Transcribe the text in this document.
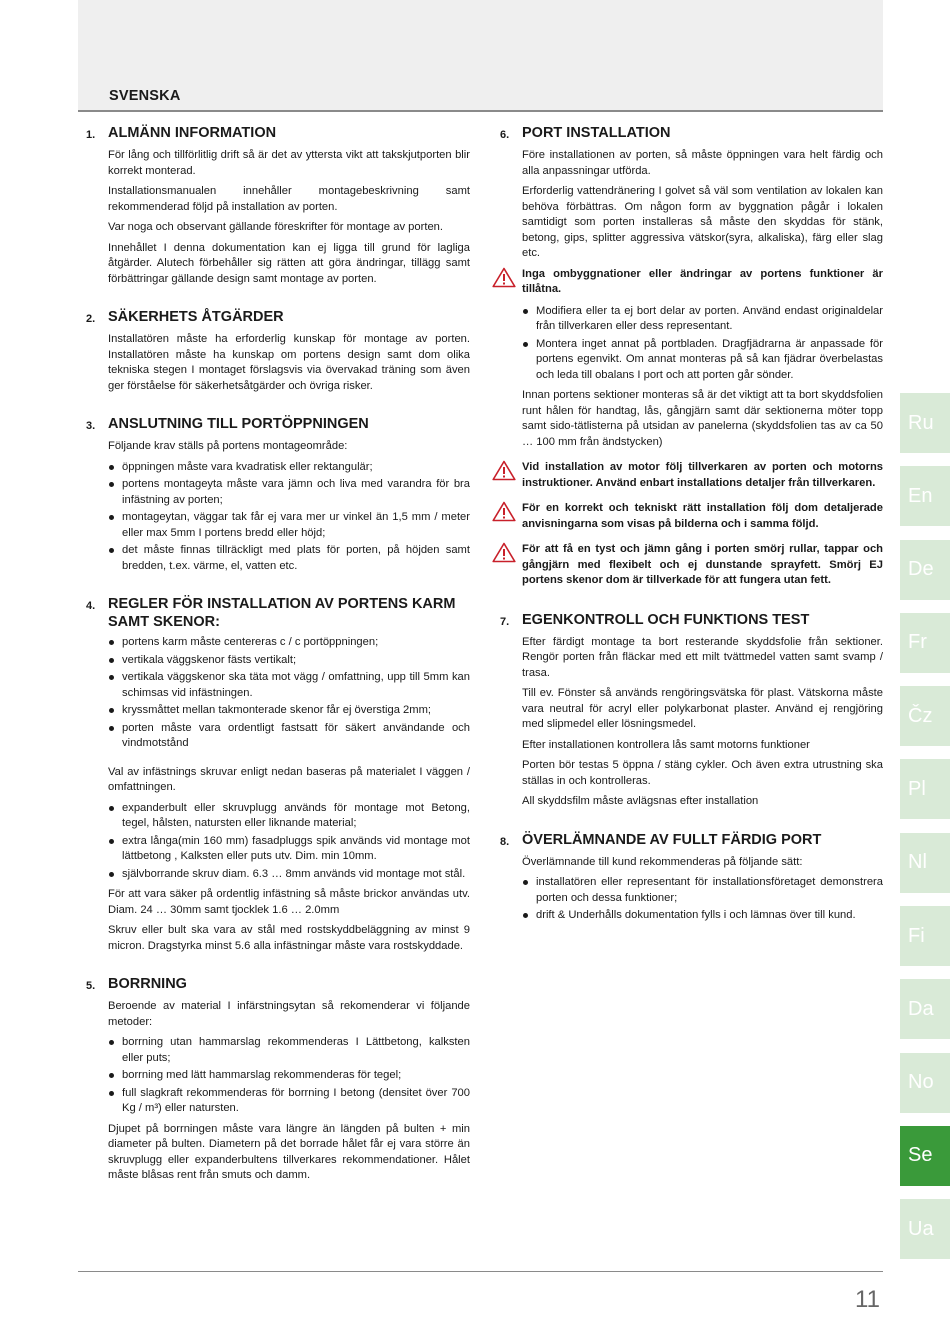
SVENSKA
1. ALMÄNN INFORMATION

För lång och tillförlitlig drift så är det av yttersta vikt att takskjutporten blir korrekt monterad.

Installationsmanualen innehåller montagebeskrivning samt rekommenderad följd på installation av porten.

Var noga och observant gällande föreskrifter för montage av porten.

Innehållet I denna dokumentation kan ej ligga till grund för lagliga åtgärder. Alutech förbehåller sig rätten att göra ändringar, tillägg samt förbättringar gällande design samt montage av porten.

2. SÄKERHETS ÅTGÄRDER

Installatören måste ha erforderlig kunskap för montage av porten. Installatören måste ha kunskap om portens design samt dom olika tekniska stegen I montaget förslagsvis via övervakad träning som även ger förståelse för säkerhetsåtgärder och övriga risker.

3. ANSLUTNING TILL PORTÖPPNINGEN

Följande krav ställs på portens montageområde:

öppningen måste vara kvadratisk eller rektangulär;
portens montageyta måste vara jämn och liva med varandra för bra infästning av porten;
montageytan, väggar tak får ej vara mer ur vinkel än 1,5 mm / meter eller max 5mm I portens bredd eller höjd;
det måste finnas tillräckligt med plats för porten, på höjden samt bredden, t.ex. värme, el, vatten etc.
4. REGLER FÖR INSTALLATION AV PORTENS KARM SAMT SKENOR:
portens karm måste centereras c / c portöppningen;
vertikala väggskenor fästs vertikalt;
vertikala väggskenor ska täta mot vägg / omfattning, upp till 5mm kan schimsas vid infästningen.
kryssmåttet mellan takmonterade skenor får ej överstiga 2mm;
porten måste vara ordentligt fastsatt för säkert användande och vindmotstånd

Val av infästnings skruvar enligt nedan baseras på materialet I väggen / omfattningen.

expanderbult eller skruvplugg används för montage mot Betong, tegel, hålsten, natursten eller liknande material;
extra långa(min 160 mm) fasadpluggs spik används vid montage mot lättbetong , Kalksten eller puts utv. Dim. min 10mm.
självborrande skruv diam. 6.3 … 8mm används vid montage mot stål.

För att vara säker på ordentlig infästning så måste brickor användas utv. Diam. 24 … 30mm samt tjocklek 1.6 … 2.0mm

Skruv eller bult ska vara av stål med rostskyddbeläggning av minst 9 micron. Dragstyrka minst 5.6 alla infästningar måste vara rostskyddade.

5. BORRNING

Beroende av material I infärstningsytan så rekomenderar vi följande metoder:

borrning utan hammarslag rekommenderas I Lättbetong, kalksten eller puts;
borrning med lätt hammarslag rekommenderas för tegel;
full slagkraft rekommenderas för borrning I betong (densitet över 700 Kg / m³) eller natursten.

Djupet på borrningen måste vara längre än längden på bulten + min diameter på bulten. Diametern på det borrade hålet får ej vara större än skruvplugg eller expanderbultens tillverkares rekommendationer. Hålet måste blåsas rent från smuts och damm.

6. PORT INSTALLATION

Före installationen av porten, så måste öppningen vara helt färdig och alla anpassningar utförda.

Erforderlig vattendränering I golvet så väl som ventilation av lokalen kan behöva förbättras. Om någon form av byggnation pågår i lokalen samtidigt som porten installeras så måste den skyddas för stänk, betong, gips, splitter aggressiva vätskor(syra, alkaliska), färg eller slag etc.

Inga ombyggnationer eller ändringar av portens funktioner är tillåtna.

Modifiera eller ta ej bort delar av porten. Använd endast originaldelar från tillverkaren eller dess representant.
Montera inget annat på portbladen. Dragfjädrarna är anpassade för portens egenvikt. Om annat monteras på så kan fjädrar överbelastas och leda till obalans I port och att porten går sönder.

Innan portens sektioner monteras så är det viktigt att ta bort skyddsfolien runt hålen för handtag, lås, gångjärn samt där sektionerna möter topp samt sido-tätlisterna på utsidan av panelerna (skyddsfolien tas av ca 50 … 100 mm från ändstycken)

Vid installation av motor följ tillverkaren av porten och motorns instruktioner. Använd enbart installations detaljer från tillverkaren.

För en korrekt och tekniskt rätt installation följ dom detaljerade anvisningarna som visas på bilderna och i samma följd.

För att få en tyst och jämn gång i porten smörj rullar, tappar och gångjärn med flexibelt och ej dunstande sprayfett. Smörj EJ portens skenor dom är tillverkade för att fungera utan fett.

7. EGENKONTROLL OCH FUNKTIONS TEST

Efter färdigt montage ta bort resterande skyddsfolie från sektioner. Rengör porten från fläckar med ett milt tvättmedel vatten samt svamp / trasa.

Till ev. Fönster så används rengöringsvätska för plast. Vätskorna måste vara neutral för acryl eller polykarbonat plaster. Använd ej rengjöring med slipmedel eller lösningsmedel.

Efter installationen kontrollera lås samt motorns funktioner

Porten bör testas 5 öppna / stäng cykler. Och även extra utrustning ska ställas in och kontrolleras.

All skyddsfilm måste avlägsnas efter installation

8. ÖVERLÄMNANDE AV FULLT FÄRDIG PORT

Överlämnande till kund rekommenderas på följande sätt:

installatören eller representant för installationsföretaget demonstrera porten och dessa funktioner;
drift & Underhålls dokumentation fylls i och lämnas över till kund.
Ru
En
De
Fr
Čz
Pl
Nl
Fi
Da
No
Se
Ua
11
